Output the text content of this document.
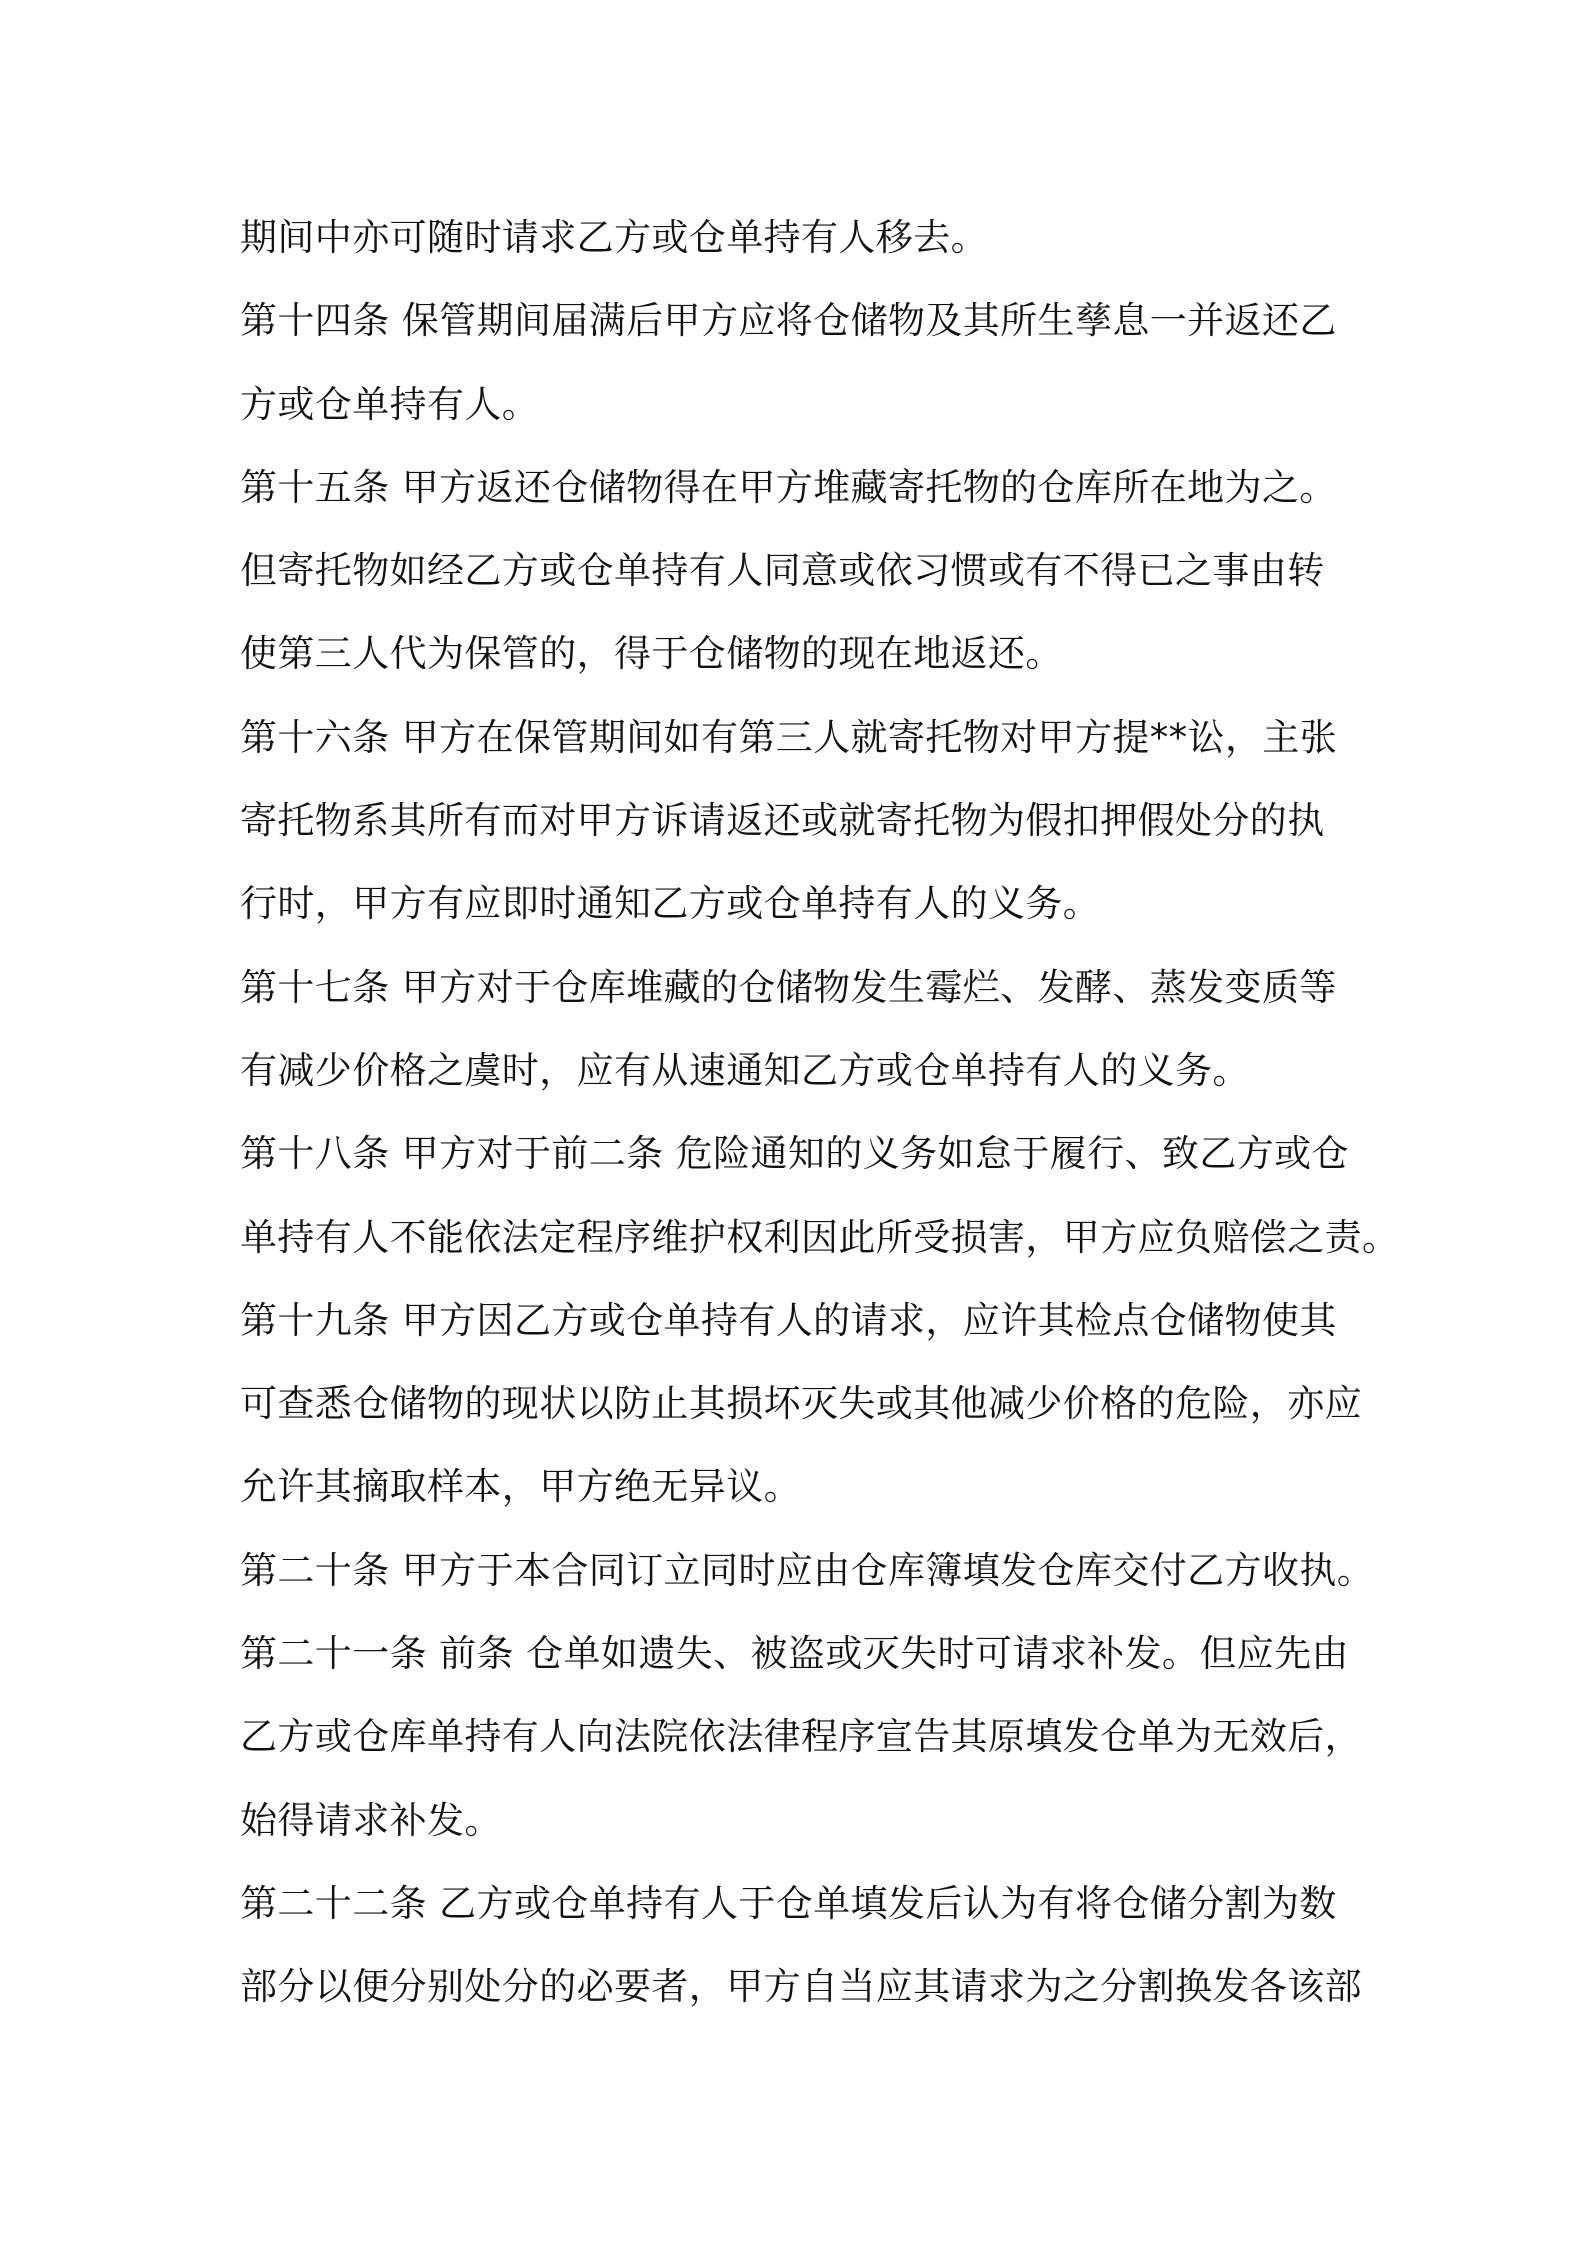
期间中亦可随时请求乙方或仓单持有人移去。
第十四条 保管期间届满后甲方应将仓储物及其所生孳息一并返还乙
方或仓单持有人。
第十五条 甲方返还仓储物得在甲方堆藏寄托物的仓库所在地为之。
但寄托物如经乙方或仓单持有人同意或依习惯或有不得已之事由转
使第三人代为保管的，得于仓储物的现在地返还。
第十六条 甲方在保管期间如有第三人就寄托物对甲方提**讼，主张
寄托物系其所有而对甲方诉请返还或就寄托物为假扣押假处分的执
行时，甲方有应即时通知乙方或仓单持有人的义务。
第十七条 甲方对于仓库堆藏的仓储物发生霉烂、发酵、蒸发变质等
有减少价格之虞时，应有从速通知乙方或仓单持有人的义务。
第十八条 甲方对于前二条 危险通知的义务如怠于履行、致乙方或仓
单持有人不能依法定程序维护权利因此所受损害，甲方应负赔偿之责。
第十九条 甲方因乙方或仓单持有人的请求，应许其检点仓储物使其
可查悉仓储物的现状以防止其损坏灭失或其他减少价格的危险，亦应
允许其摘取样本，甲方绝无异议。
第二十条 甲方于本合同订立同时应由仓库簿填发仓库交付乙方收执。
第二十一条 前条 仓单如遗失、被盗或灭失时可请求补发。但应先由
乙方或仓库单持有人向法院依法律程序宣告其原填发仓单为无效后，
始得请求补发。
第二十二条 乙方或仓单持有人于仓单填发后认为有将仓储分割为数
部分以便分别处分的必要者，甲方自当应其请求为之分割换发各该部
